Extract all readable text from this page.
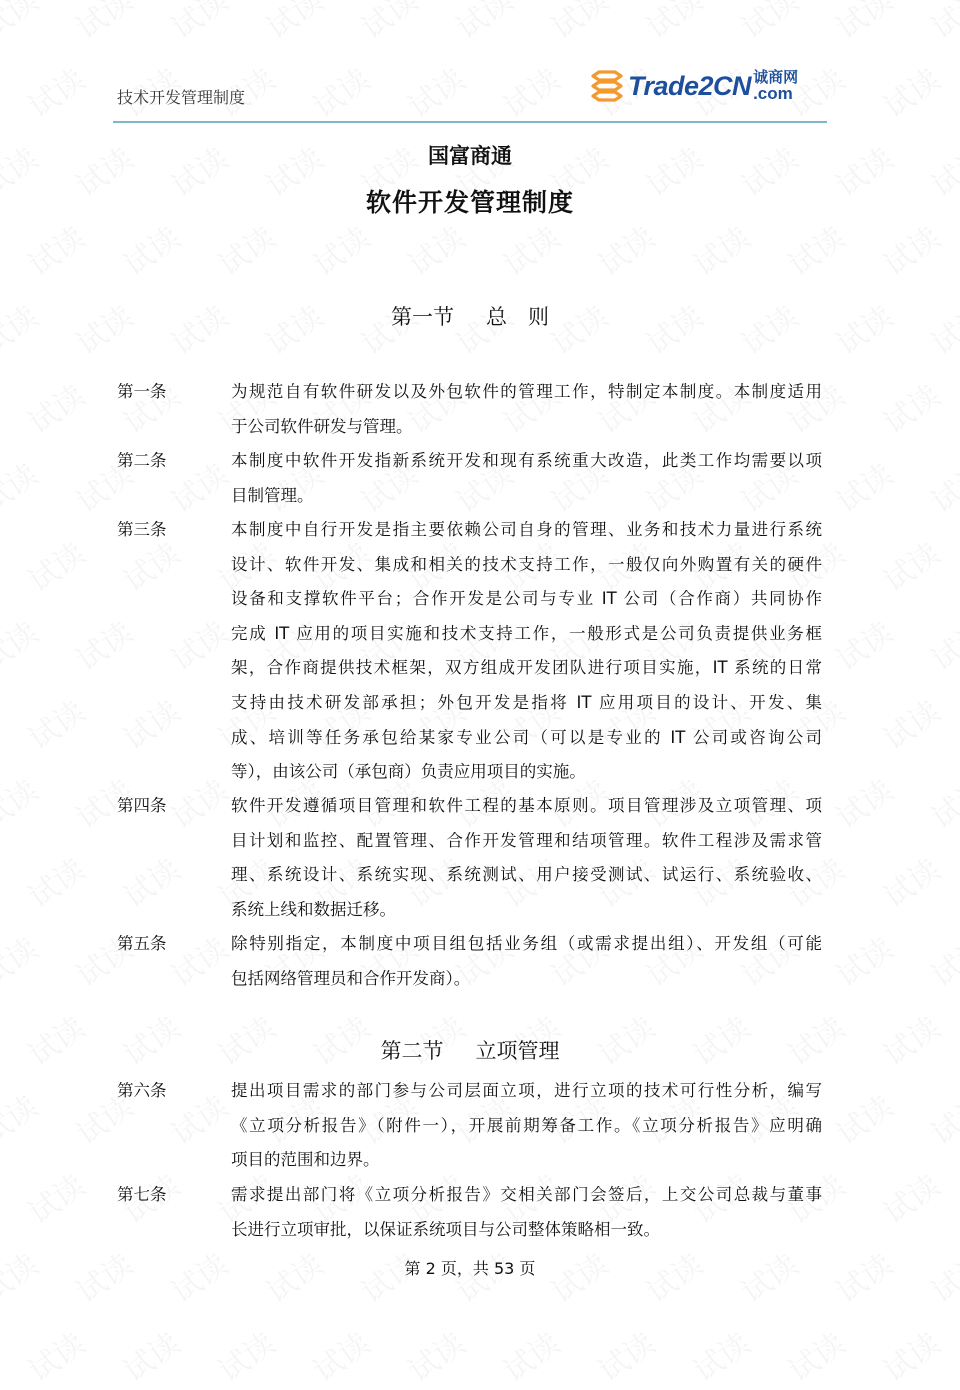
技术开发管理制度	Trade2CN 诚商网
.com
国富商通
软件开发管理制度
第一节 总　则
第二节 立项管理
第一条	为规范自有软件研发以及外包软件的管理工作，特制定本制度。本制度适用
于公司软件研发与管理。
第二条	本制度中软件开发指新系统开发和现有系统重大改造，此类工作均需要以项
目制管理。
第三条	本制度中自行开发是指主要依赖公司自身的管理、业务和技术力量进行系统
设计、软件开发、集成和相关的技术支持工作，一般仅向外购置有关的硬件
设备和支撑软件平台；合作开发是公司与专业 IT 公司（合作商）共同协作
完成 IT 应用的项目实施和技术支持工作，一般形式是公司负责提供业务框
架，合作商提供技术框架，双方组成开发团队进行项目实施，IT 系统的日常
支持由技术研发部承担；外包开发是指将 IT 应用项目的设计、开发、集
成、培训等任务承包给某家专业公司（可以是专业的 IT 公司或咨询公司
等），由该公司（承包商）负责应用项目的实施。
第四条	软件开发遵循项目管理和软件工程的基本原则。项目管理涉及立项管理、项
目计划和监控、配置管理、合作开发管理和结项管理。软件工程涉及需求管
理、系统设计、系统实现、系统测试、用户接受测试、试运行、系统验收、
系统上线和数据迁移。
第五条	除特别指定，本制度中项目组包括业务组（或需求提出组）、开发组（可能
包括网络管理员和合作开发商）。
第六条	提出项目需求的部门参与公司层面立项，进行立项的技术可行性分析，编写
《立项分析报告》（附件一），开展前期筹备工作。《立项分析报告》应明确
项目的范围和边界。
第七条	需求提出部门将《立项分析报告》交相关部门会签后，上交公司总裁与董事
长进行立项审批，以保证系统项目与公司整体策略相一致。
第 2 页，共 53 页
